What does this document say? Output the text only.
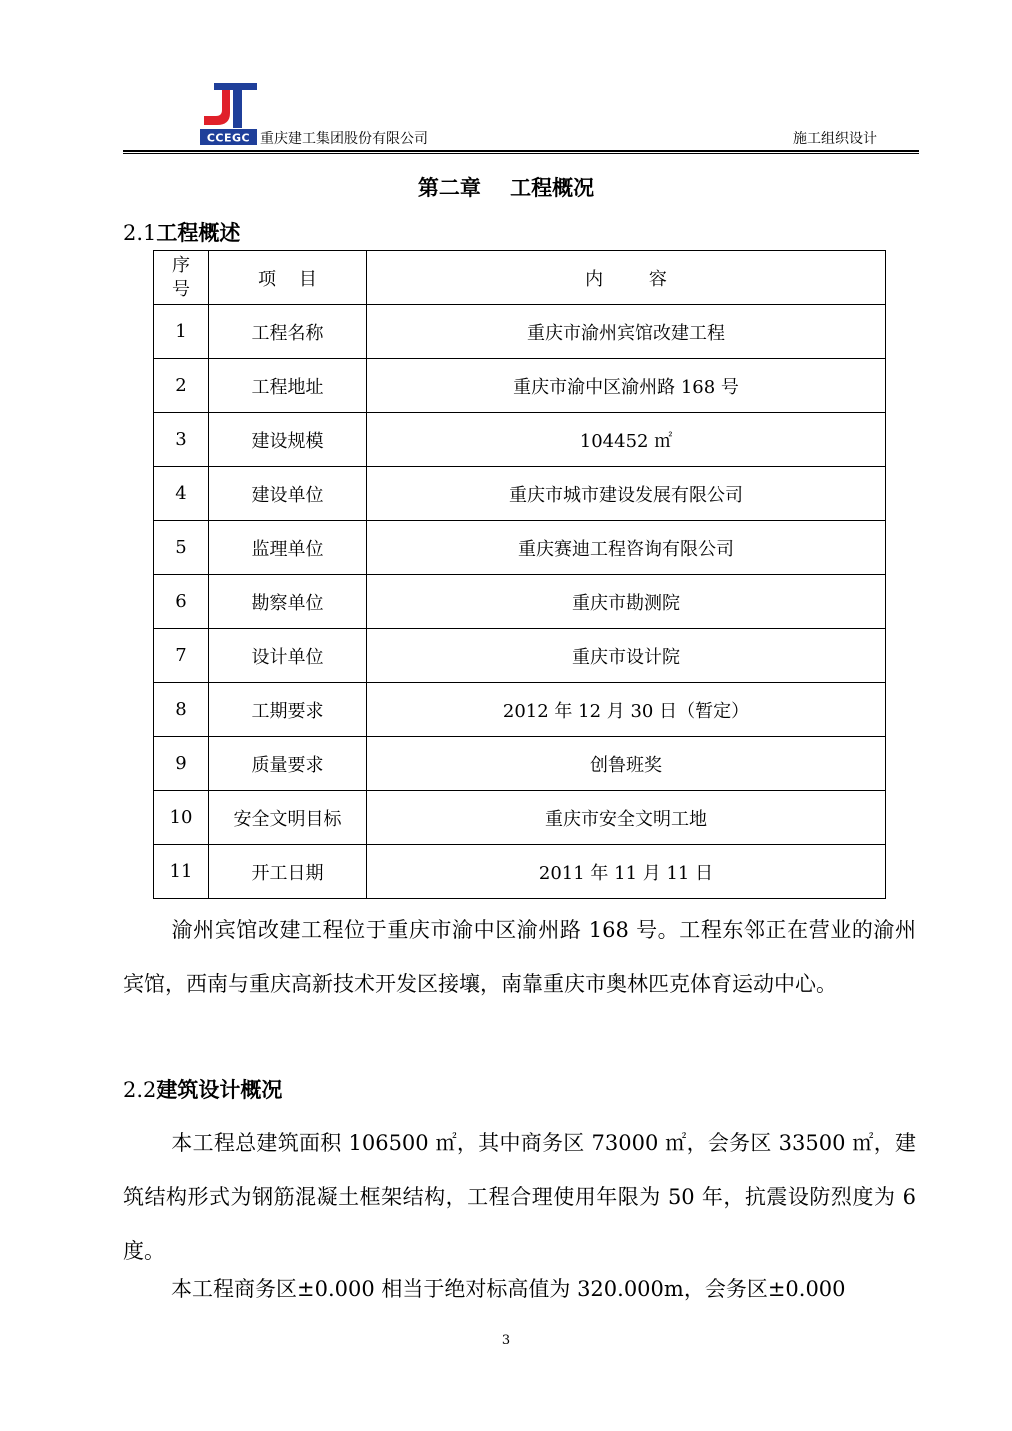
CCEGC 重庆建工集团股份有限公司	施工组织设计
第二章    工程概况
2.1工程概述
序
号	项    目	内        容
1	工程名称	重庆市渝州宾馆改建工程
2	工程地址	重庆市渝中区渝州路 168 号
3	建设规模	104452 ㎡
4	建设单位	重庆市城市建设发展有限公司
5	监理单位	重庆赛迪工程咨询有限公司
6	勘察单位	重庆市勘测院
7	设计单位	重庆市设计院
8	工期要求	2012 年 12 月 30 日（暂定）
9	质量要求	创鲁班奖
10	安全文明目标	重庆市安全文明工地
11	开工日期	2011 年 11 月 11 日
渝州宾馆改建工程位于重庆市渝中区渝州路 168 号。工程东邻正在营业的渝州宾馆，西南与重庆高新技术开发区接壤，南靠重庆市奥林匹克体育运动中心。
2.2建筑设计概况
本工程总建筑面积 106500 ㎡，其中商务区 73000 ㎡，会务区 33500 ㎡，建筑结构形式为钢筋混凝土框架结构，工程合理使用年限为 50 年，抗震设防烈度为 6 度。
本工程商务区±0.000 相当于绝对标高值为 320.000m，会务区±0.000
3
